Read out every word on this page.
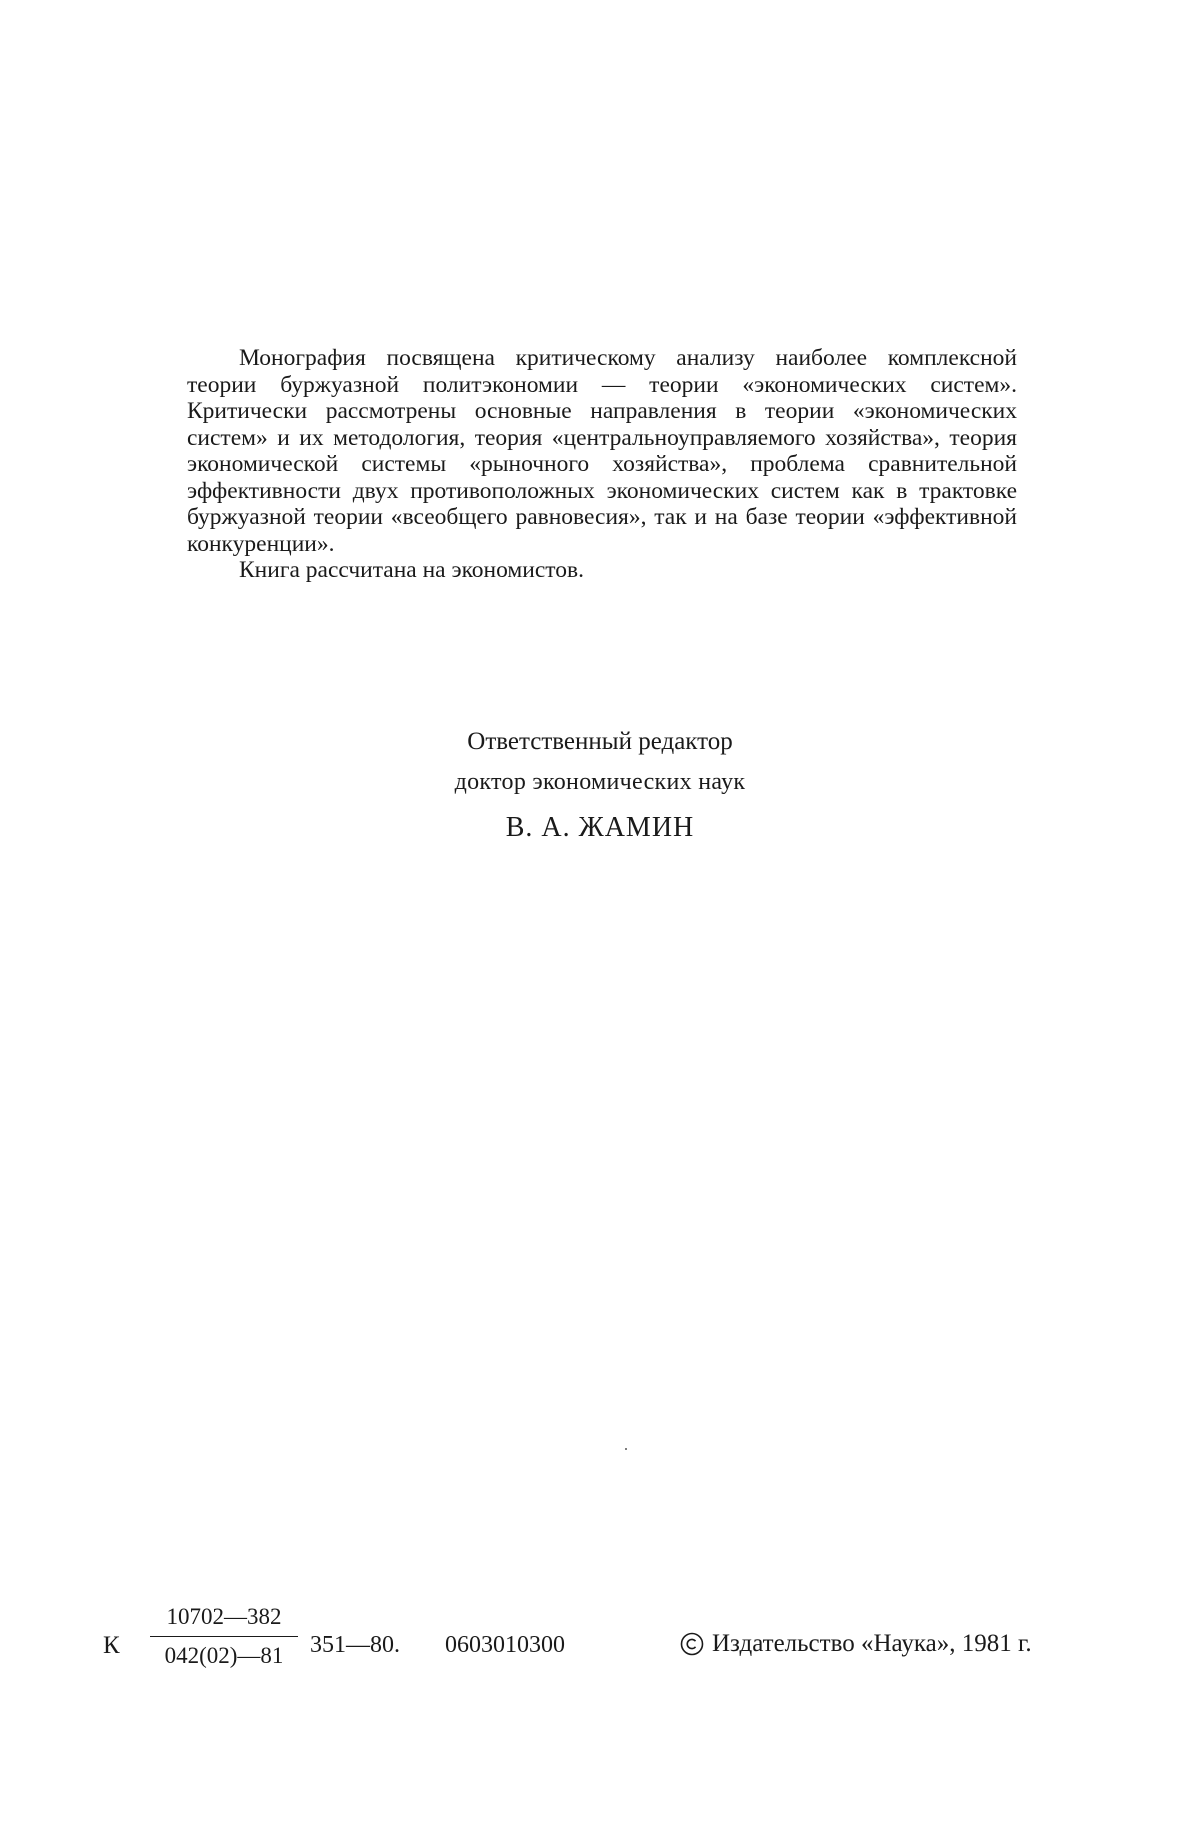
Монография посвящена критическому анализу наиболее комплексной теории буржуазной политэкономии — теории «экономических систем». Критически рассмотрены основные направления в теории «экономических систем» и их методология, теория «центральноуправляемого хозяйства», теория экономической системы «рыночного хозяйства», проблема сравнительной эффективности двух противоположных экономических систем как в трактовке буржуазной теории «всеобщего равновесия», так и на базе теории «эффективной конкуренции».

Книга рассчитана на экономистов.

Ответственный редактор
доктор экономических наук
В. А. ЖАМИН
К
10702—382
042(02)—81	351—80. 0603010300	Издательство «Наука», 1981 г.
